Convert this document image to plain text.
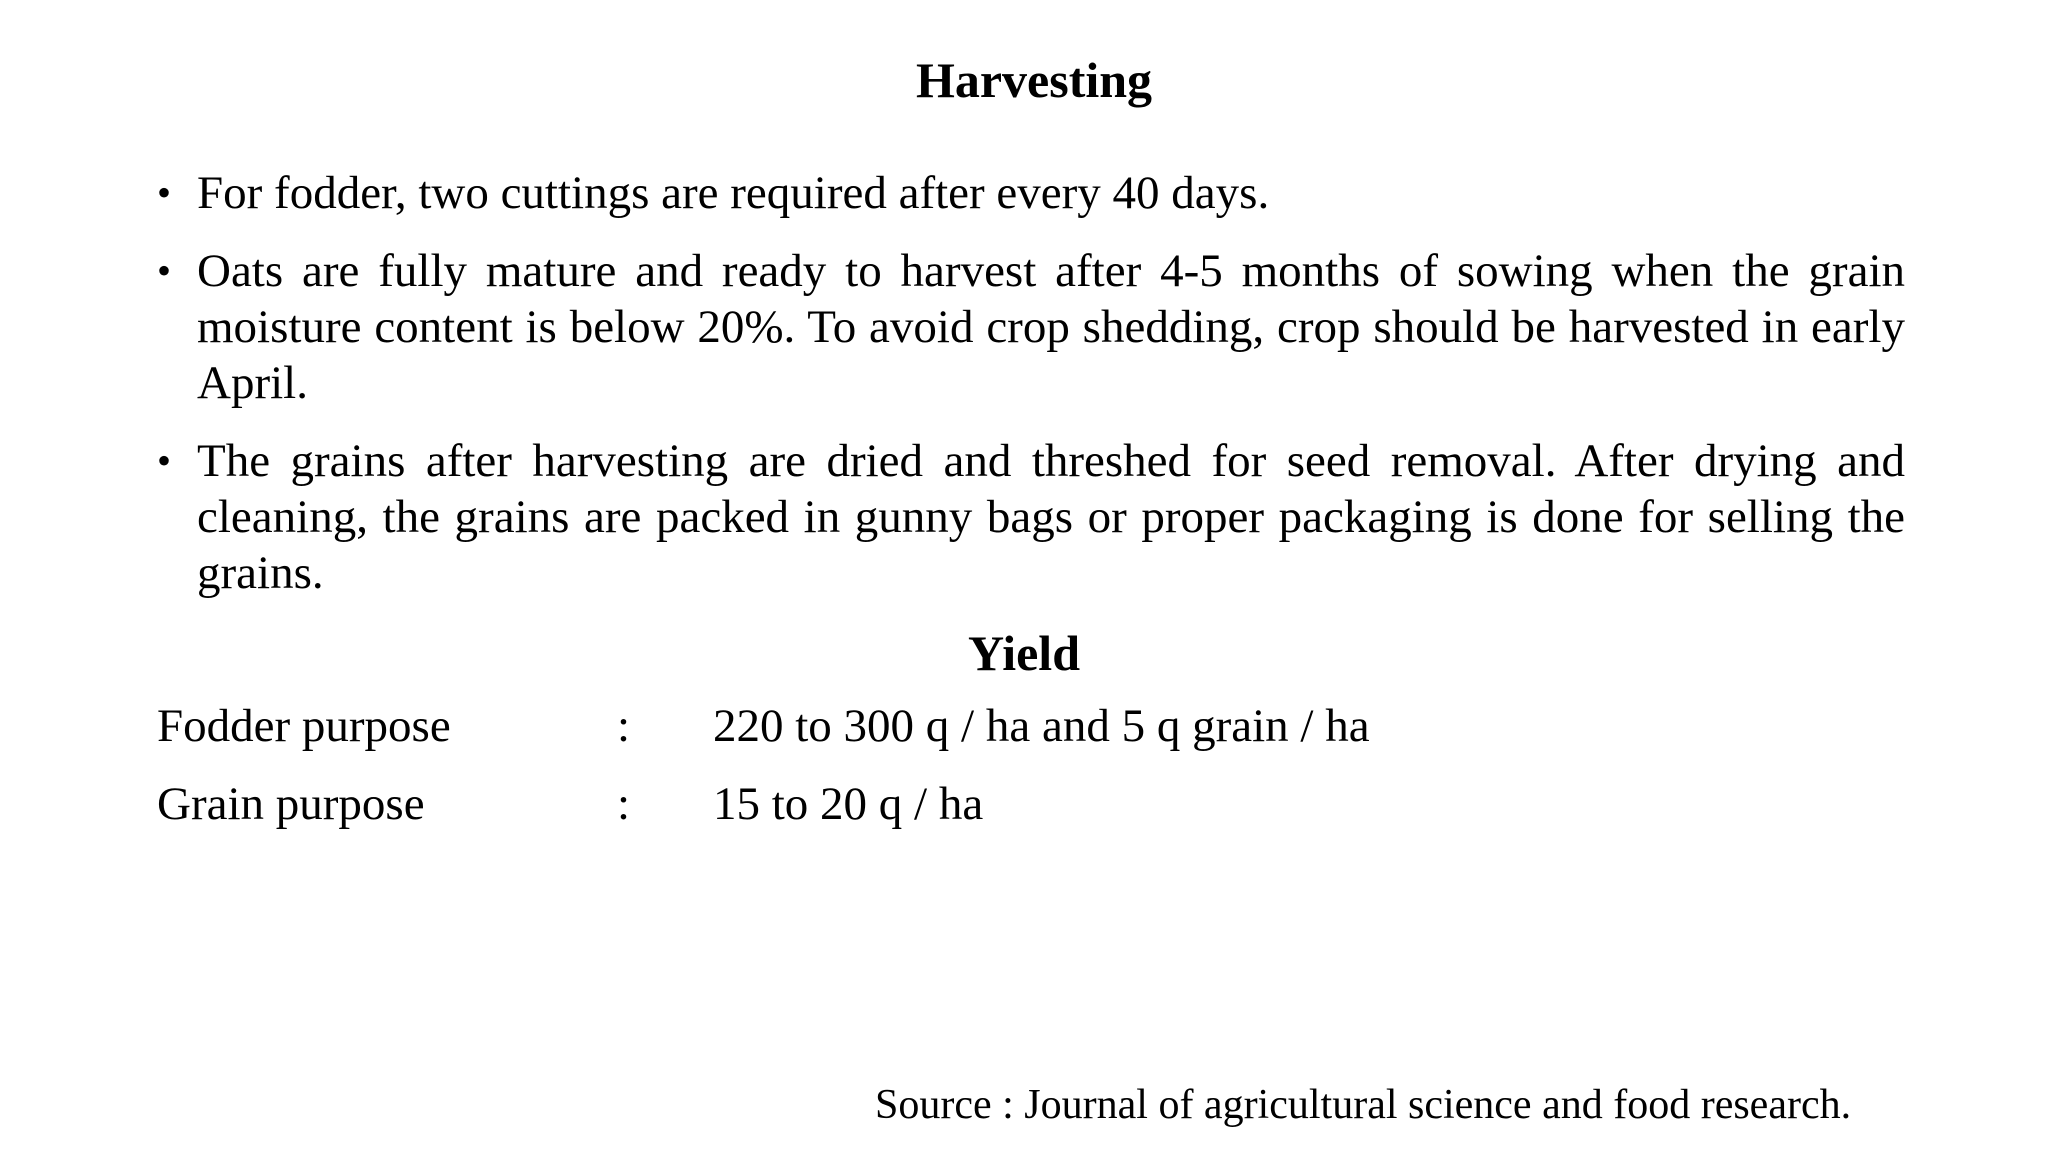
Harvesting
• For fodder, two cuttings are required after every 40 days.
• Oats are fully mature and ready to harvest after 4-5 months of sowing when the grain moisture content is below 20%. To avoid crop shedding, crop should be harvested in early April.
• The grains after harvesting are dried and threshed for seed removal. After drying and cleaning, the grains are packed in gunny bags or proper packaging is done for selling the grains.
Yield
Fodder purpose	:	220 to 300 q / ha and 5 q grain / ha
Grain purpose	:	15 to 20 q / ha
Source : Journal of agricultural science and food research.
